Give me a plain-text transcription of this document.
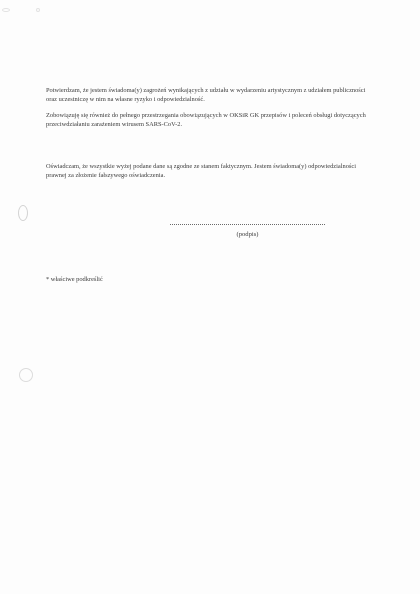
Potwierdzam, że jestem świadoma(y) zagrożeń wynikających z udziału w wydarzeniu artystycznym z udziałem publiczności oraz uczestniczę w nim na własne ryzyko i odpowiedzialność.

Zobowiązuję się również do pełnego przestrzegania obowiązujących w OKSiR GK przepisów i poleceń obsługi dotyczących przeciwdziałaniu zarażeniem wirusem SARS-CoV-2.

Oświadczam, że wszystkie wyżej podane dane są zgodne ze stanem faktycznym. Jestem świadoma(y) odpowiedzialności prawnej za złożenie fałszywego oświadczenia.

(podpis)
* właściwe podkreślić
